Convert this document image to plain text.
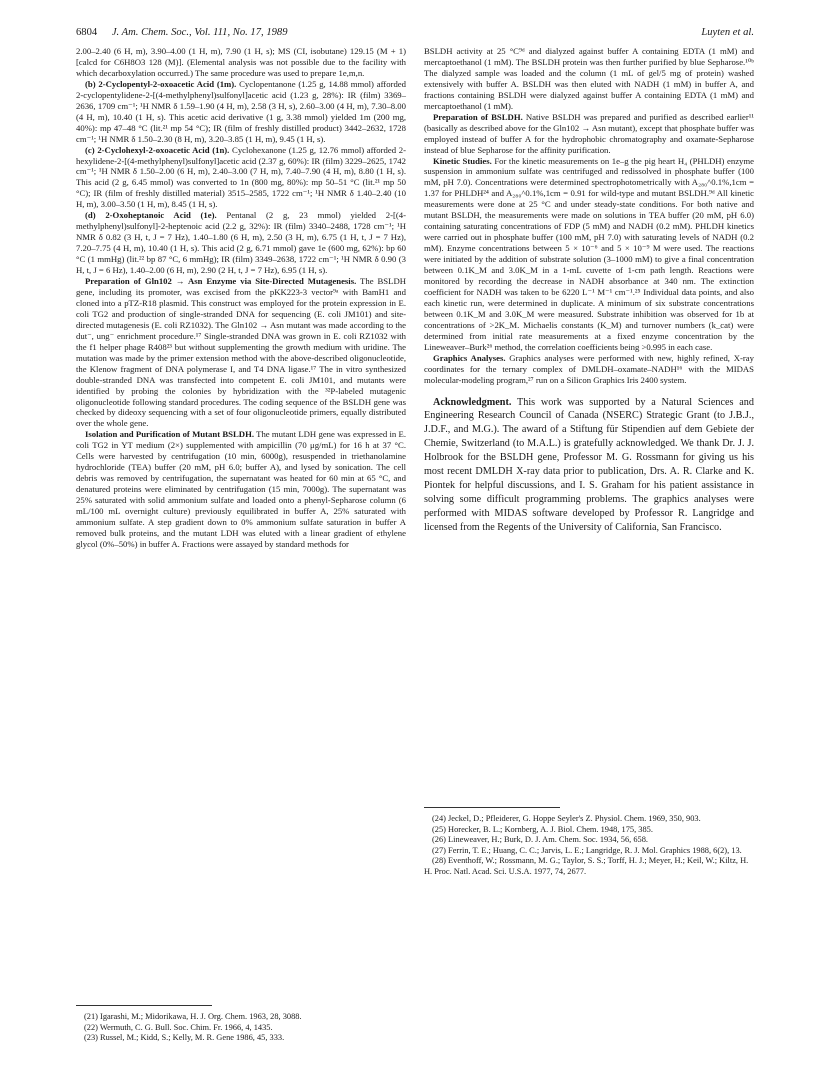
6804 J. Am. Chem. Soc., Vol. 111, No. 17, 1989	Luyten et al.

2.00–2.40 (6 H, m), 3.90–4.00 (1 H, m), 7.90 (1 H, s); MS (CI, isobutane) 129.15 (M + 1) [calcd for C6H8O3 128 (M)]. (Elemental analysis was not possible due to the facility with which decarboxylation occurred.) The same procedure was used to prepare 1e,m,n.

(b) 2-Cyclopentyl-2-oxoacetic Acid (1m). Cyclopentanone (1.25 g, 14.88 mmol) afforded 2-cyclopentylidene-2-[(4-methylphenyl)sulfonyl]acetic acid (1.23 g, 28%): IR (film) 3369–2636, 1709 cm⁻¹; ¹H NMR δ 1.59–1.90 (4 H, m), 2.58 (3 H, s), 2.60–3.00 (4 H, m), 7.30–8.00 (4 H, m), 10.40 (1 H, s). This acetic acid derivative (1 g, 3.38 mmol) yielded 1m (200 mg, 40%): mp 47–48 °C (lit.²¹ mp 54 °C); IR (film of freshly distilled product) 3442–2632, 1728 cm⁻¹; ¹H NMR δ 1.50–2.30 (8 H, m), 3.20–3.85 (1 H, m), 9.45 (1 H, s).

(c) 2-Cyclohexyl-2-oxoacetic Acid (1n). Cyclohexanone (1.25 g, 12.76 mmol) afforded 2-hexylidene-2-[(4-methylphenyl)sulfonyl]acetic acid (2.37 g, 60%): IR (film) 3229–2625, 1742 cm⁻¹; ¹H NMR δ 1.50–2.00 (6 H, m), 2.40–3.00 (7 H, m), 7.40–7.90 (4 H, m), 8.80 (1 H, s). This acid (2 g, 6.45 mmol) was converted to 1n (800 mg, 80%): mp 50–51 °C (lit.²¹ mp 50 °C); IR (film of freshly distilled material) 3515–2585, 1722 cm⁻¹; ¹H NMR δ 1.40–2.40 (10 H, m), 3.00–3.50 (1 H, m), 8.45 (1 H, s).

(d) 2-Oxoheptanoic Acid (1e). Pentanal (2 g, 23 mmol) yielded 2-[(4-methylphenyl)sulfonyl]-2-heptenoic acid (2.2 g, 32%): IR (film) 3340–2488, 1728 cm⁻¹; ¹H NMR δ 0.82 (3 H, t, J = 7 Hz), 1.40–1.80 (6 H, m), 2.50 (3 H, m), 6.75 (1 H, t, J = 7 Hz), 7.20–7.75 (4 H, m), 10.40 (1 H, s). This acid (2 g, 6.71 mmol) gave 1e (600 mg, 62%): bp 60 °C (1 mmHg) (lit.²² bp 87 °C, 6 mmHg); IR (film) 3349–2638, 1722 cm⁻¹; ¹H NMR δ 0.90 (3 H, t, J = 6 Hz), 1.40–2.00 (6 H, m), 2.90 (2 H, t, J = 7 Hz), 6.95 (1 H, s).

Preparation of Gln102 → Asn Enzyme via Site-Directed Mutagenesis. The BSLDH gene, including its promoter, was excised from the pKK223-3 vector⁹ᵃ with BamH1 and cloned into a pTZ-R18 plasmid. This construct was employed for the protein expression in E. coli TG2 and production of single-stranded DNA for sequencing (E. coli JM101) and site-directed mutagenesis (E. coli RZ1032). The Gln102 → Asn mutant was made according to the dut⁻, ung⁻ enrichment procedure.¹⁷ Single-stranded DNA was grown in E. coli RZ1032 with the f1 helper phage R408²³ but without supplementing the growth medium with uridine. The mutation was made by the primer extension method with the above-described oligonucleotide, the Klenow fragment of DNA polymerase I, and T4 DNA ligase.¹⁷ The in vitro synthesized double-stranded DNA was transfected into competent E. coli JM101, and mutants were identified by probing the colonies by hybridization with the ³²P-labeled mutagenic oligonucleotide following standard procedures. The coding sequence of the BSLDH gene was checked by dideoxy sequencing with a set of four oligonucleotide primers, equally distributed over the whole gene.

Isolation and Purification of Mutant BSLDH. The mutant LDH gene was expressed in E. coli TG2 in YT medium (2×) supplemented with ampicillin (70 μg/mL) for 16 h at 37 °C. Cells were harvested by centrifugation (10 min, 6000g), resuspended in triethanolamine hydrochloride (TEA) buffer (20 mM, pH 6.0; buffer A), and lysed by sonication. The cell debris was removed by centrifugation, the supernatant was heated for 60 min at 65 °C, and denatured proteins were eliminated by centrifugation (15 min, 7000g). The supernatant was 25% saturated with solid ammonium sulfate and loaded onto a phenyl-Sepharose column (6 mL/100 mL overnight culture) previously equilibrated in buffer A, 25% saturated with ammonium sulfate. A step gradient down to 0% ammonium sulfate saturation in buffer A removed bulk proteins, and the mutant LDH was eluted with a linear gradient of ethylene glycol (0%–50%) in buffer A. Fractions were assayed by standard methods for

BSLDH activity at 25 °C⁹ᵈ and dialyzed against buffer A containing EDTA (1 mM) and mercaptoethanol (1 mM). The BSLDH protein was then further purified by blue Sepharose.¹⁰ᵇ The dialyzed sample was loaded and the column (1 mL of gel/5 mg of protein) washed extensively with buffer A. BSLDH was then eluted with NADH (1 mM) in buffer A, and fractions containing BSLDH were dialyzed against buffer A containing EDTA (1 mM) and mercaptoethanol (1 mM).

Preparation of BSLDH. Native BSLDH was prepared and purified as described earlier¹¹ (basically as described above for the Gln102 → Asn mutant), except that phosphate buffer was employed instead of buffer A for the hydrophobic chromatography and oxamate-Sepharose instead of blue Sepharose for the affinity purification.

Kinetic Studies. For the kinetic measurements on 1e–g the pig heart H₄ (PHLDH) enzyme suspension in ammonium sulfate was centrifuged and redissolved in phosphate buffer (100 mM, pH 7.0). Concentrations were determined spectrophotometrically with A₂₈₀^0.1%,1cm = 1.37 for PHLDH²⁴ and A₂₈₀^0.1%,1cm = 0.91 for wild-type and mutant BSLDH.⁹ᵈ All kinetic measurements were done at 25 °C and under steady-state conditions. For both native and mutant BSLDH, the measurements were made on solutions in TEA buffer (20 mM, pH 6.0) containing saturating concentrations of FDP (5 mM) and NADH (0.2 mM). PHLDH kinetics were carried out in phosphate buffer (100 mM, pH 7.0) with saturating levels of NADH (0.2 mM). Enzyme concentrations between 5 × 10⁻⁶ and 5 × 10⁻⁹ M were used. The reactions were initiated by the addition of substrate solution (3–1000 mM) to give a final concentration between 0.1K_M and 3.0K_M in a 1-mL cuvette of 1-cm path length. Reactions were monitored by recording the decrease in NADH absorbance at 340 nm. The extinction coefficient for NADH was taken to be 6220 L⁻¹ M⁻¹ cm⁻¹.²⁵ Individual data points, and also each kinetic run, were determined in duplicate. A minimum of six substrate concentrations between 0.1K_M and 3.0K_M were measured. Substrate inhibition was observed for 1b at concentrations of >2K_M. Michaelis constants (K_M) and turnover numbers (k_cat) were determined from initial rate measurements at a fixed enzyme concentration by the Lineweaver–Burk²⁶ method, the correlation coefficients being >0.995 in each case.

Graphics Analyses. Graphics analyses were performed with new, highly refined, X-ray coordinates for the ternary complex of DMLDH–oxamate–NADH¹⁶ with the MIDAS molecular-modeling program,²⁷ run on a Silicon Graphics Iris 2400 system.

Acknowledgment. This work was supported by a Natural Sciences and Engineering Research Council of Canada (NSERC) Strategic Grant (to J.B.J., J.D.F., and M.G.). The award of a Stiftung für Stipendien auf dem Gebiete der Chemie, Switzerland (to M.A.L.) is gratefully acknowledged. We thank Dr. J. J. Holbrook for the BSLDH gene, Professor M. G. Rossmann for giving us his most recent DMLDH X-ray data prior to publication, Drs. A. R. Clarke and K. Piontek for helpful discussions, and I. S. Graham for his patient assistance in solving some difficult programming problems. The graphics analyses were performed with MIDAS software developed by Professor R. Langridge and licensed from the Regents of the University of California, San Francisco.

(21) Igarashi, M.; Midorikawa, H. J. Org. Chem. 1963, 28, 3088.
(22) Wermuth, C. G. Bull. Soc. Chim. Fr. 1966, 4, 1435.
(23) Russel, M.; Kidd, S.; Kelly, M. R. Gene 1986, 45, 333.
(24) Jeckel, D.; Pfleiderer, G. Hoppe Seyler's Z. Physiol. Chem. 1969, 350, 903.
(25) Horecker, B. L.; Kornberg, A. J. Biol. Chem. 1948, 175, 385.
(26) Lineweaver, H.; Burk, D. J. Am. Chem. Soc. 1934, 56, 658.
(27) Ferrin, T. E.; Huang, C. C.; Jarvis, L. E.; Langridge, R. J. Mol. Graphics 1988, 6(2), 13.
(28) Eventhoff, W.; Rossmann, M. G.; Taylor, S. S.; Torff, H. J.; Meyer, H.; Keil, W.; Kiltz, H. H. Proc. Natl. Acad. Sci. U.S.A. 1977, 74, 2677.
